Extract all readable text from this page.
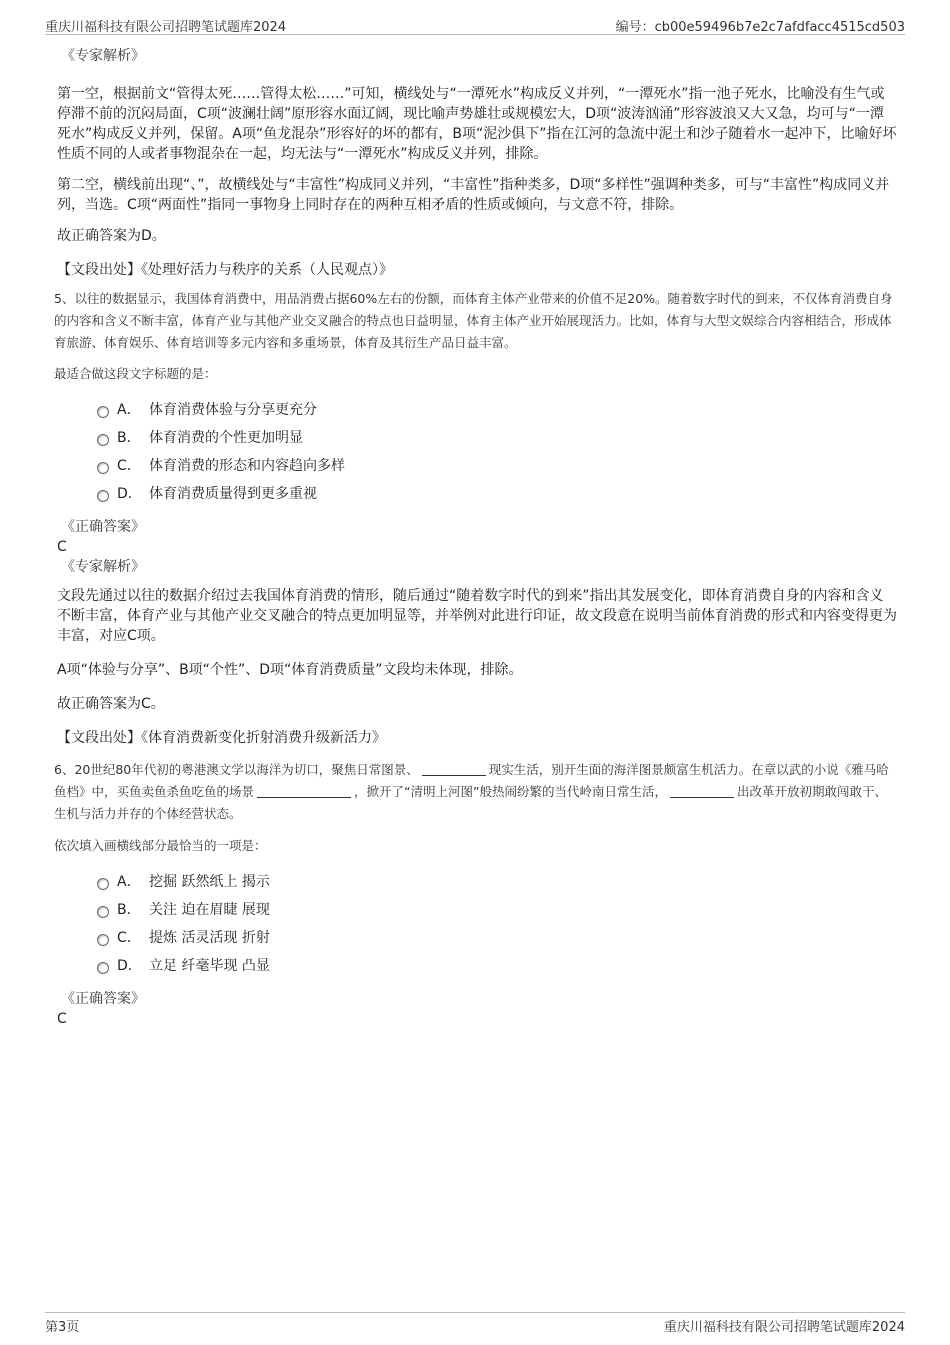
重庆川福科技有限公司招聘笔试题库2024	编号：cb00e59496b7e2c7afdfacc4515cd503
《专家解析》

第一空，根据前文“管得太死……管得太松……”可知，横线处与“一潭死水”构成反义并列，“一潭死水”指一池子死水，比喻没有生气或停滞不前的沉闷局面，C项“波澜壮阔”原形容水面辽阔，现比喻声势雄壮或规模宏大，D项“波涛汹涌”形容波浪又大又急，均可与“一潭死水”构成反义并列，保留。A项“鱼龙混杂”形容好的坏的都有，B项“泥沙俱下”指在江河的急流中泥土和沙子随着水一起冲下，比喻好坏性质不同的人或者事物混杂在一起，均无法与“一潭死水”构成反义并列，排除。

第二空，横线前出现“、”，故横线处与“丰富性”构成同义并列，“丰富性”指种类多，D项“多样性”强调种类多，可与“丰富性”构成同义并列，当选。C项“两面性”指同一事物身上同时存在的两种互相矛盾的性质或倾向，与文意不符，排除。

故正确答案为D。

【文段出处】《处理好活力与秩序的关系（人民观点）》

5、以往的数据显示，我国体育消费中，用品消费占据60%左右的份额，而体育主体产业带来的价值不足20%。随着数字时代的到来，不仅体育消费自身的内容和含义不断丰富，体育产业与其他产业交叉融合的特点也日益明显，体育主体产业开始展现活力。比如，体育与大型文娱综合内容相结合，形成体育旅游、体育娱乐、体育培训等多元内容和多重场景，体育及其衍生产品日益丰富。

最适合做这段文字标题的是：

A． 体育消费体验与分享更充分
B． 体育消费的个性更加明显
C． 体育消费的形态和内容趋向多样
D． 体育消费质量得到更多重视
《正确答案》
C
《专家解析》

文段先通过以往的数据介绍过去我国体育消费的情形，随后通过“随着数字时代的到来”指出其发展变化，即体育消费自身的内容和含义不断丰富，体育产业与其他产业交叉融合的特点更加明显等，并举例对此进行印证，故文段意在说明当前体育消费的形式和内容变得更为丰富，对应C项。

A项“体验与分享”、B项“个性”、D项“体育消费质量”文段均未体现，排除。

故正确答案为C。

【文段出处】《体育消费新变化折射消费升级新活力》

6、20世纪80年代初的粤港澳文学以海洋为切口，聚焦日常图景、	现实生活，别开生面的海洋图景颇富生机活力。在章以武的小说《雅马哈鱼档》中，买鱼卖鱼杀鱼吃鱼的场景	，掀开了“清明上河图”般热闹纷繁的当代岭南日常生活，	出改革开放初期敢闯敢干、生机与活力并存的个体经营状态。

依次填入画横线部分最恰当的一项是：

A． 挖掘 跃然纸上 揭示
B． 关注 迫在眉睫 展现
C． 提炼 活灵活现 折射
D． 立足 纤毫毕现 凸显
《正确答案》
C
第3页	重庆川福科技有限公司招聘笔试题库2024
